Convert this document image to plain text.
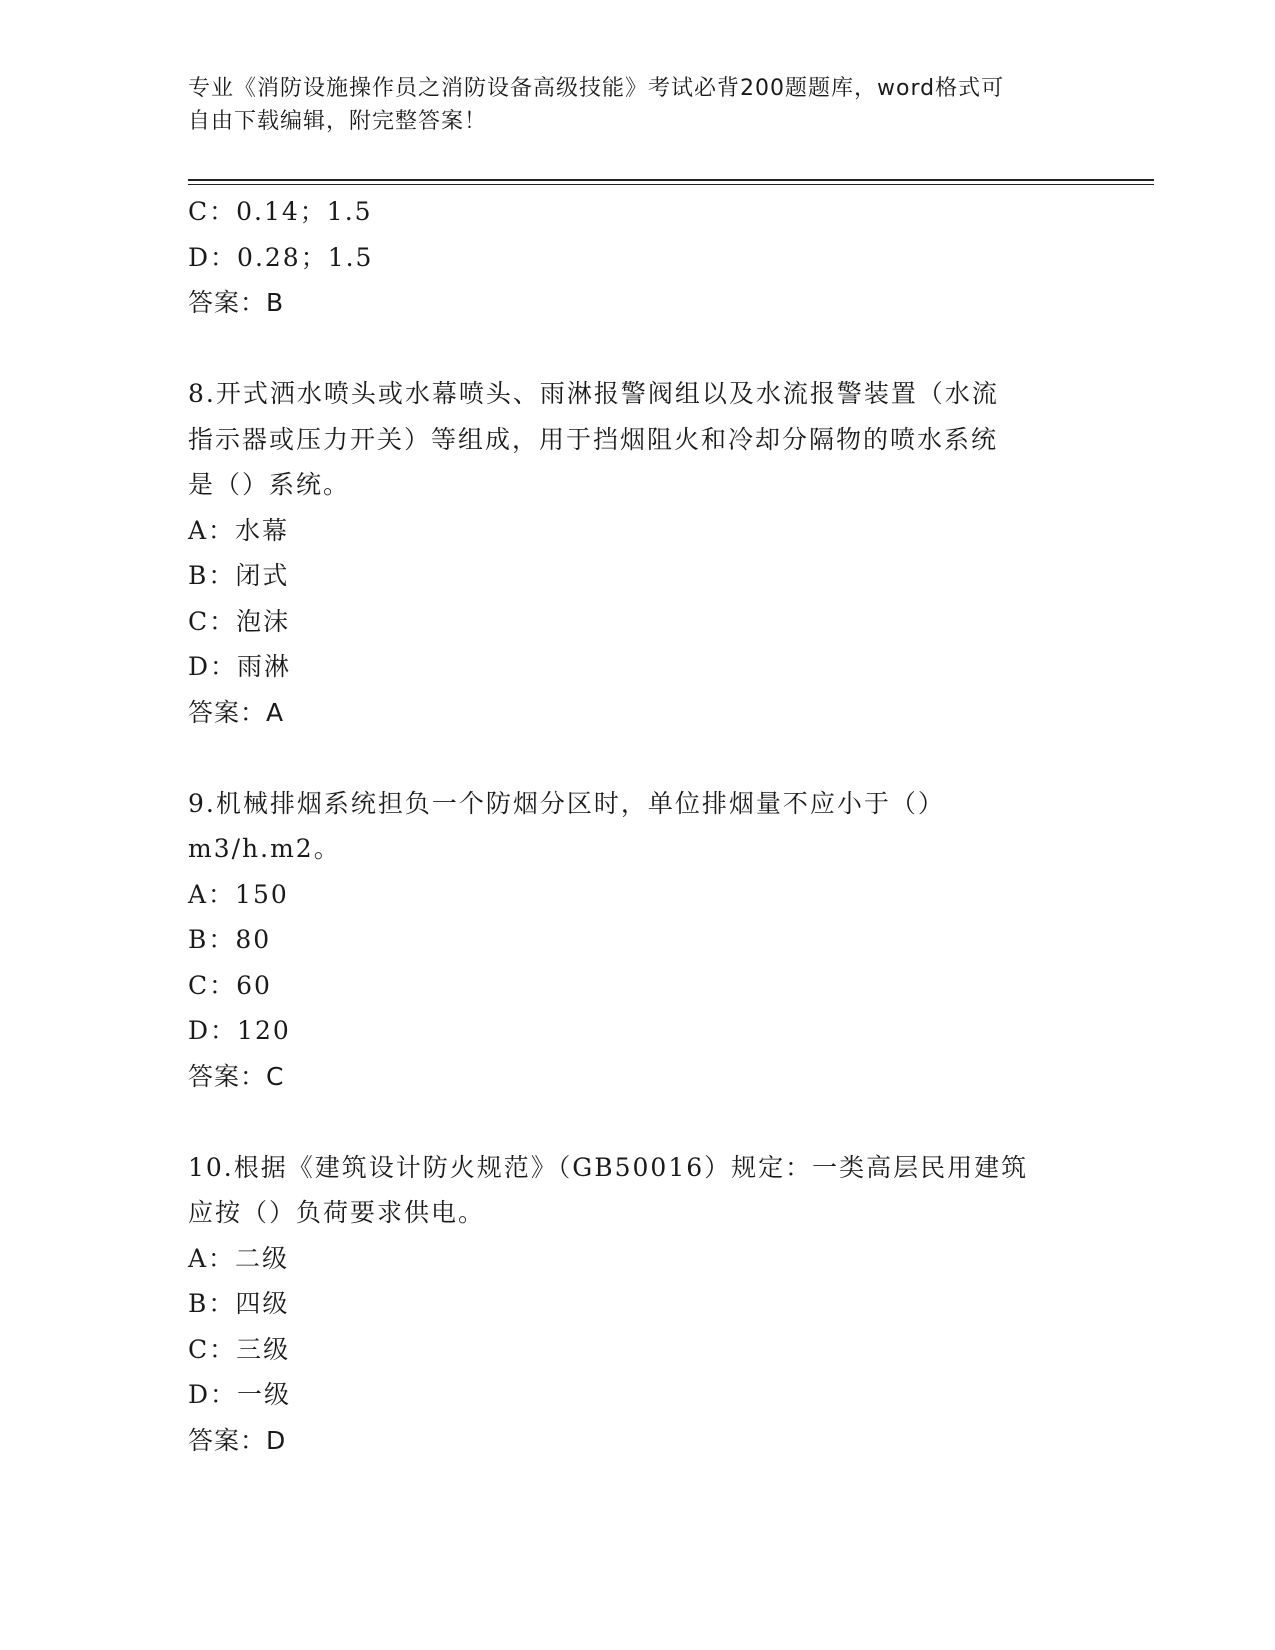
专业《消防设施操作员之消防设备高级技能》考试必背200题题库，word格式可
自由下载编辑，附完整答案！
C：0.14；1.5
D：0.28；1.5
答案：B
8.开式洒水喷头或水幕喷头、雨淋报警阀组以及水流报警装置（水流
指示器或压力开关）等组成，用于挡烟阻火和冷却分隔物的喷水系统
是（）系统。
A：水幕
B：闭式
C：泡沫
D：雨淋
答案：A
9.机械排烟系统担负一个防烟分区时，单位排烟量不应小于（）
m3/h.m2。
A：150
B：80
C：60
D：120
答案：C
10.根据《建筑设计防火规范》（GB50016）规定：一类高层民用建筑
应按（）负荷要求供电。
A：二级
B：四级
C：三级
D：一级
答案：D
